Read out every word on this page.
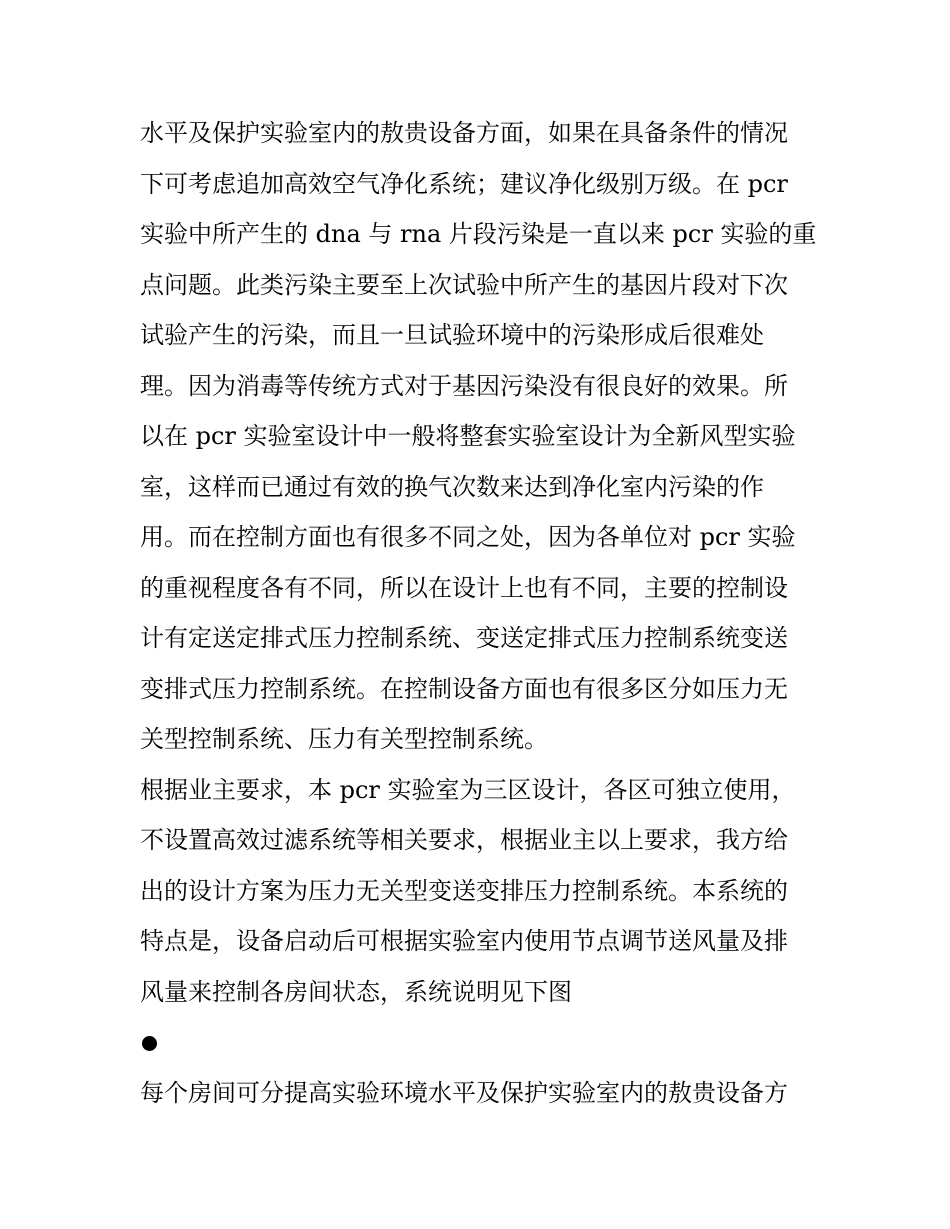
水平及保护实验室内的敖贵设备方面，如果在具备条件的情况
下可考虑追加高效空气净化系统；建议净化级别万级。在 pcr
实验中所产生的 dna 与 rna 片段污染是一直以来 pcr 实验的重
点问题。此类污染主要至上次试验中所产生的基因片段对下次
试验产生的污染，而且一旦试验环境中的污染形成后很难处
理。因为消毒等传统方式对于基因污染没有很良好的效果。所
以在 pcr 实验室设计中一般将整套实验室设计为全新风型实验
室，这样而已通过有效的换气次数来达到净化室内污染的作
用。而在控制方面也有很多不同之处，因为各单位对 pcr 实验
的重视程度各有不同，所以在设计上也有不同，主要的控制设
计有定送定排式压力控制系统、变送定排式压力控制系统变送
变排式压力控制系统。在控制设备方面也有很多区分如压力无
关型控制系统、压力有关型控制系统。
根据业主要求，本 pcr 实验室为三区设计，各区可独立使用，
不设置高效过滤系统等相关要求，根据业主以上要求，我方给
出的设计方案为压力无关型变送变排压力控制系统。本系统的
特点是，设备启动后可根据实验室内使用节点调节送风量及排
风量来控制各房间状态，系统说明见下图
每个房间可分提高实验环境水平及保护实验室内的敖贵设备方
